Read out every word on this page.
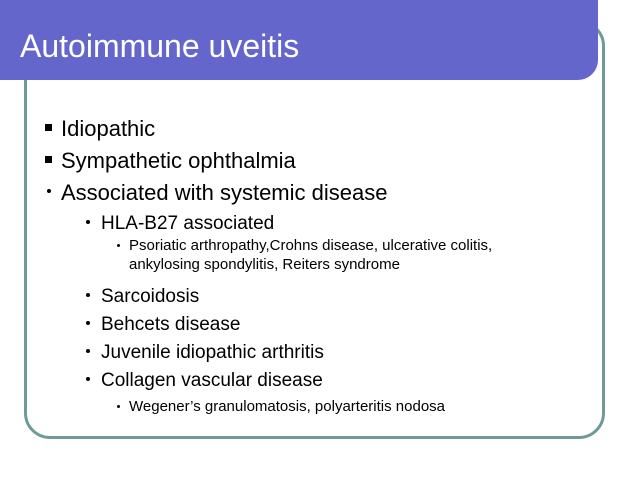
Autoimmune uveitis
Idiopathic
Sympathetic ophthalmia
Associated with systemic disease
HLA-B27 associated
Psoriatic arthropathy,Crohns disease, ulcerative colitis,
ankylosing spondylitis, Reiters syndrome
Sarcoidosis
Behcets disease
Juvenile idiopathic arthritis
Collagen vascular disease
Wegener’s granulomatosis, polyarteritis nodosa
